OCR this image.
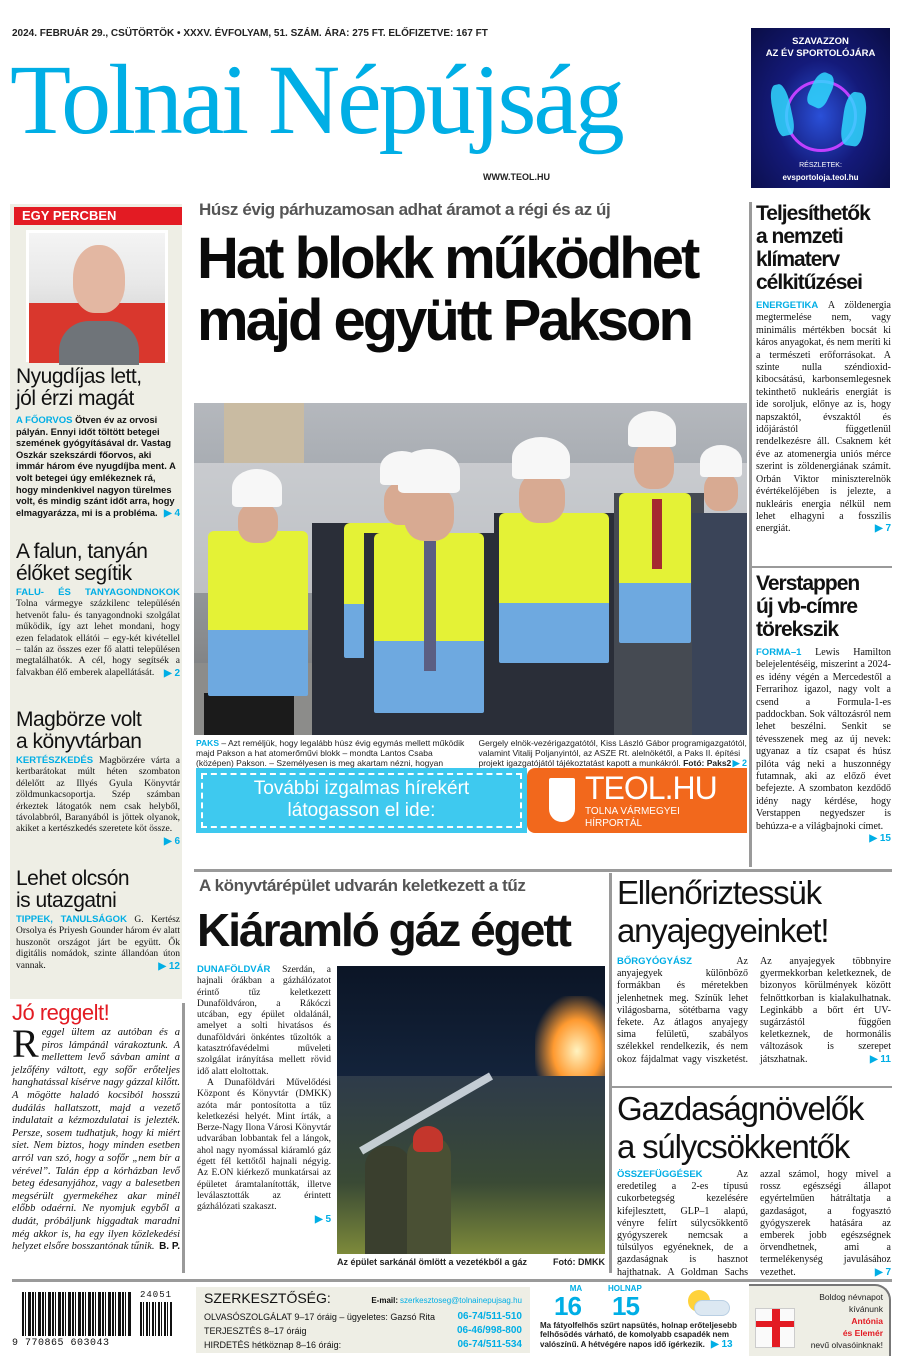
2024. FEBRUÁR 29., CSÜTÖRTÖK • XXXV. ÉVFOLYAM, 51. SZÁM. ÁRA: 275 FT. ELŐFIZETVE: 167 FT
Tolnai Népújság
WWW.TEOL.HU
SZAVAZZON
AZ ÉV SPORTOLÓJÁRA
RÉSZLETEK:
evsportoloja.teol.hu
EGY PERCBEN
Nyugdíjas lett,
jól érzi magát
A FŐORVOS Ötven év az orvosi pályán. Ennyi időt töltött betegei szemének gyógyításával dr. Vastag Oszkár szekszárdi főorvos, aki immár három éve nyugdíjba ment. A volt betegei úgy emlékeznek rá, hogy mindenkivel nagyon türelmes volt, és mindig szánt időt arra, hogy elmagyarázza, mi is a probléma. ▶ 4
A falun, tanyán
élőket segítik
FALU- ÉS TANYAGONDNOKOK Tolna vármegye százkilenc településén hetvenöt falu- és tanyagondnoki szolgálat működik, így azt lehet mondani, hogy ezen feladatok ellátói – egy-két kivétellel – talán az összes ezer fő alatti településen megtalálhatók. A cél, hogy segítsék a falvakban élő emberek alapellátását. ▶ 2
Magbörze volt
a könyvtárban
KERTÉSZKEDÉS Magbörzére várta a kertbarátokat múlt héten szombaton délelőtt az Illyés Gyula Könyvtár zöldmunkacsoportja. Szép számban érkeztek látogatók nem csak helyből, távolabbról, Baranyából is jöttek olyanok, akiket a kertészkedés szeretete köt össze.
▶ 6
Lehet olcsón
is utazgatni
TIPPEK, TANULSÁGOK G. Kertész Orsolya és Priyesh Gounder három év alatt huszonöt országot járt be együtt. Ők digitális nomádok, szinte állandóan úton vannak.	▶ 12
Jó reggelt!
R eggel ültem az autóban és a piros lámpánál várakoztunk. A mellettem levő sávban amint a jelzőfény váltott, egy sofőr erőteljes hanghatással kísérve nagy gázzal kilőtt. A mögötte haladó kocsiból hosszú dudálás hallatszott, majd a vezető indulatait a kézmozdulatai is jelezték. Persze, sosem tudhatjuk, hogy ki miért siet. Nem biztos, hogy minden esetben arról van szó, hogy a sofőr „nem bír a vérével”. Talán épp a kórházban levő beteg édesanyjához, vagy a balesetben megsérült gyermekéhez akar minél előbb odaérni. Ne nyomjuk egyből a dudát, próbáljunk higgadtak maradni még akkor is, ha egy ilyen közlekedési helyzet elsőre bosszantónak tűnik. B. P.
Húsz évig párhuzamosan adhat áramot a régi és az új
Hat blokk működhet
majd együtt Pakson
PAKS – Azt reméljük, hogy legalább húsz évig egymás mellett működik majd Pakson a hat atomerőművi blokk – mondta Lantos Csaba (középen) Pakson. – Személyesen is meg akartam nézni, hogyan Gergely elnök-vezérigazgatótól, Kiss László Gábor programigazgatótól, valamint Vitalij Poljanyintól, az ASZE Rt. alelnökétől, a Paks II. építési projekt igazgatójától tájékoztatást kapott a munkákról. Fotó: Paks2 ▶ 2
További izgalmas hírekért
látogasson el ide:
TEOL.HU
TOLNA VÁRMEGYEI
HÍRPORTÁL
Teljesíthetők
a nemzeti
klímaterv
célkitűzései
ENERGETIKA A zöldenergia megtermelése nem, vagy minimális mértékben bocsát ki káros anyagokat, és nem meríti ki a természeti erőforrásokat. A szinte nulla széndioxid-kibocsátású, karbonsemlegesnek tekinthető nukleáris energiát is ide soroljuk, előnye az is, hogy napszaktól, évszaktól és időjárástól függetlenül rendelkezésre áll. Csaknem két éve az atomenergia uniós mérce szerint is zöldenergiának számít. Orbán Viktor miniszterelnök évértékelőjében is jelezte, a nukleáris energia nélkül nem lehet elhagyni a fosszilis energiát.	▶ 7
Verstappen
új vb-címre
törekszik
FORMA–1 Lewis Hamilton belejelentéséig, miszerint a 2024-es idény végén a Mercedestől a Ferrarihoz igazol, nagy volt a csend a Formula-1-es paddockban. Sok változásról nem lehet beszélni. Senkit se tévesszenek meg az új nevek: ugyanaz a tíz csapat és húsz pilóta vág neki a huszonnégy futamnak, aki az előző évet befejezte. A szombaton kezdődő idény nagy kérdése, hogy Verstappen negyedszer is behúzza-e a világbajnoki címet.
▶ 15
A könyvtárépület udvarán keletkezett a tűz
Kiáramló gáz égett
DUNAFÖLDVÁR Szerdán, a hajnali órákban a gázhálózatot érintő tűz keletkezett Dunaföldváron, a Rákóczi utcában, egy épület oldalánál, amelyet a solti hivatásos és dunaföldvári önkéntes tűzoltók a katasztrófavédelmi műveleti szolgálat irányítása mellett rövid idő alatt eloltottak.
A Dunaföldvári Művelődési Központ és Könyvtár (DMKK) azóta már pontosította a tűz keletkezési helyét. Mint írták, a Berze-Nagy Ilona Városi Könyvtár udvarában lobbantak fel a lángok, ahol nagy nyomással kiáramló gáz égett fél kettőtől hajnali négyig. Az E.ON kiérkező munkatársai az épületet áramtalanították, illetve leválasztották az érintett gázhálózati szakaszt.
▶ 5
Az épület sarkánál ömlött a vezetékből a gáz	Fotó: DMKK
Ellenőriztessük
anyajegyeinket!
BŐRGYÓGYÁSZ	Az anyajegyek különböző formákban és méretekben jelenhetnek meg. Színük lehet világosbarna, sötétbarna vagy fekete. Az átlagos anyajegy sima felületű, szabályos szélekkel rendelkezik, és nem okoz fájdalmat vagy viszketést. Az anyajegyek többnyire gyermekkorban keletkeznek, de bizonyos körülmények között felnőttkorban is kialakulhatnak. Leginkább a bőrt ért UV-sugárzástól függően keletkeznek, de hormonális változások is szerepet játszhatnak.	▶ 11
Gazdaságnövelők
a súlycsökkentők
ÖSSZEFÜGGÉSEK	Az eredetileg a 2-es típusú cukorbetegség kezelésére kifejlesztett, GLP–1 alapú, vényre felírt súlycsökkentő gyógyszerek nemcsak a túlsúlyos egyéneknek, de a gazdaságnak is hasznot hajthatnak. A Goldman Sachs azzal számol, hogy mivel a rossz egészségi állapot egyértelműen hátráltatja a gazdaságot, a fogyasztó gyógyszerek hatására az emberek jobb egészségnek örvendhetnek, ami a termelékenység javulásához vezethet.	▶ 7
24051
9 770865 603043
SZERKESZTŐSÉG:	E-mail: szerkesztoseg@tolnainepujsag.hu
OLVASÓSZOLGÁLAT 9–17 óráig – ügyeletes: Gazsó Rita 06-74/511-510
TERJESZTÉS 8–17 óráig	06-46/998-800
HIRDETÉS hétköznap 8–16 óráig:	06-74/511-534
MA
16
HOLNAP
15
Ma fátyolfelhős szűrt napsütés, holnap erőteljesebb felhősödés várható, de komolyabb csapadék nem valószínű. A hétvégére napos idő ígérkezik. ▶ 13
Boldog névnapot
kívánunk
Antónia
és Elemér
nevű olvasóinknak!
